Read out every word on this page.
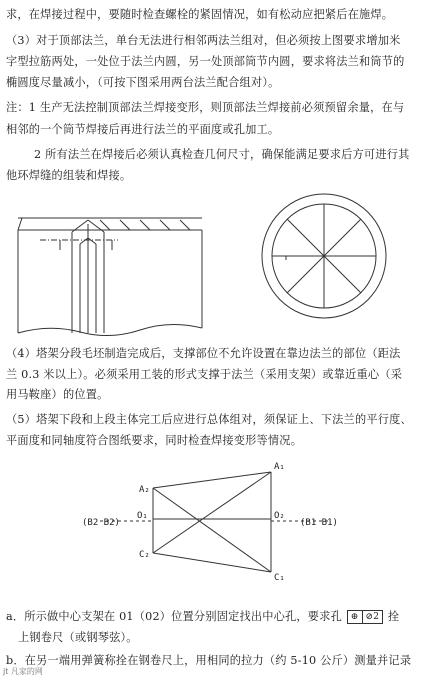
求，在焊接过程中，要随时检查螺栓的紧固情况，如有松动应把紧后在施焊。
（3）对于顶部法兰，单台无法进行相邻两法兰组对，但必须按上图要求增加米
字型拉筋两处，一处位于法兰内圆，另一处顶部筒节内圆，要求将法兰和筒节的
椭圆度尽量减小，（可按下图采用两台法兰配合组对）。
注：1 生产无法控制顶部法兰焊接变形，则顶部法兰焊接前必须预留余量，在与
相邻的一个筒节焊接后再进行法兰的平面度或孔加工。
2 所有法兰在焊接后必须认真检查几何尺寸，确保能满足要求后方可进行其
他环焊缝的组装和焊接。
（4）塔架分段毛坯制造完成后，支撑部位不允许设置在靠边法兰的部位（距法
兰 0.3 米以上）。必须采用工装的形式支撑于法兰（采用支架）或靠近重心（采
用马鞍座）的位置。
（5）塔架下段和上段主体完工后应进行总体组对，须保证上、下法兰的平行度、
平面度和同轴度符合图纸要求，同时检查焊接变形等情况。
A₁
A₂
O₁	O₂
C₁
C₂
(B2 B2)	(B1 B1)
a．所示做中心支架在 01（02）位置分别固定找出中心孔，要求孔 ⊕ ⊘2 拴
上钢卷尺（或钢琴弦）。
b．在另一端用弹簧称拴在钢卷尺上，用相同的拉力（约 5-10 公斤）测量并记录
jt 凡家的网
